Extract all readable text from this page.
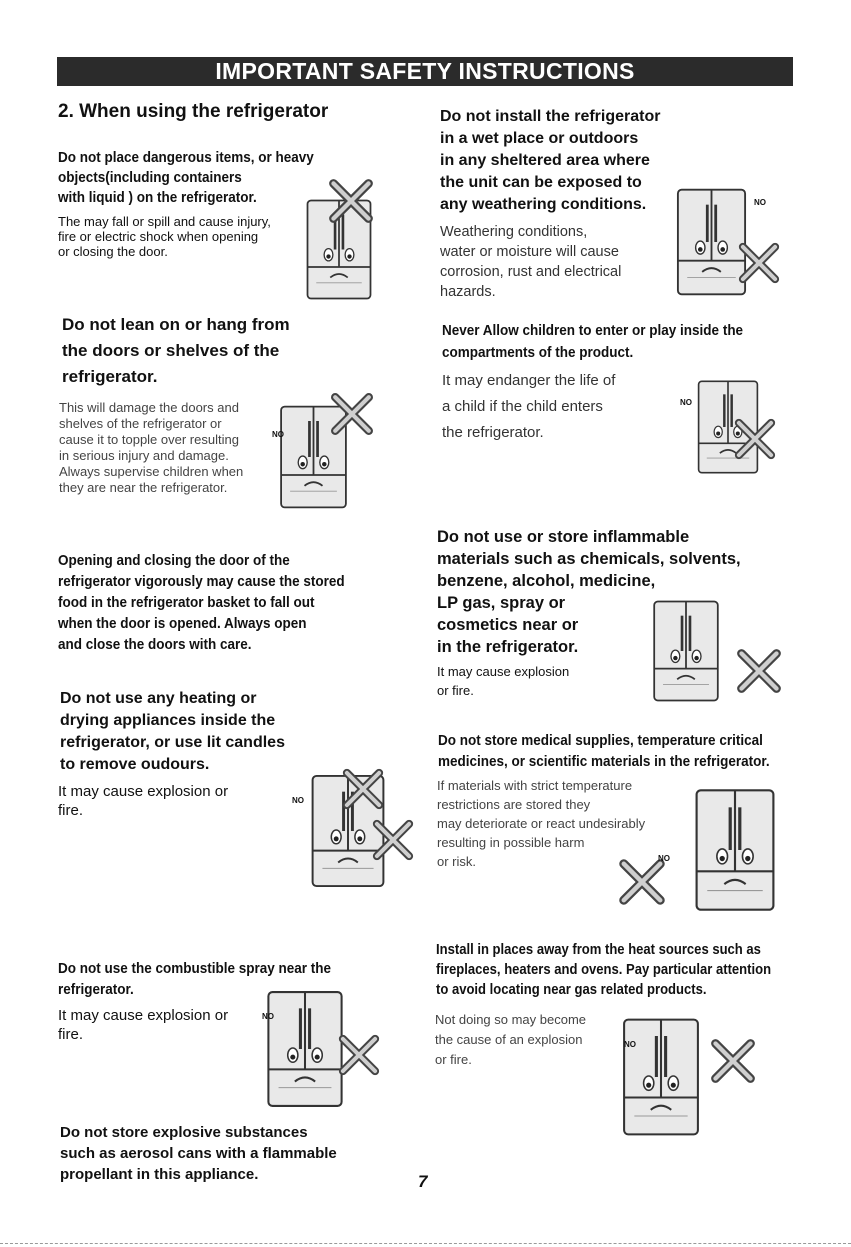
IMPORTANT SAFETY INSTRUCTIONS
2. When using the refrigerator
Do not place dangerous items, or heavy
objects(including containers
with liquid ) on the refrigerator.
The may fall or spill and cause injury,
fire or electric shock when opening
or closing the door.
Do not lean on or hang from
the doors or shelves of the
refrigerator.
This will damage the doors and
shelves of the refrigerator or
cause it to topple over resulting
in serious injury and damage.
Always supervise children when
they are near the refrigerator.
NO
Opening and closing the door of the
refrigerator vigorously may cause the stored
food in the refrigerator basket to fall out
when the door is opened. Always open
and close the doors with care.
Do not use any heating or
drying appliances inside the
refrigerator, or use lit candles
to remove oudours.
It may cause explosion or
fire.
NO
Do not use the combustible spray near the
refrigerator.
It may cause explosion or
fire.
NO
Do not store explosive substances
such as aerosol cans with a flammable
propellant in this appliance.
Do not install the refrigerator
in a wet place or outdoors
in any sheltered area where
the unit can be exposed to
any weathering conditions.
Weathering conditions,
water or moisture will cause
corrosion, rust and electrical
hazards.
NO
Never Allow children to enter or play inside the
compartments of the product.
It may endanger the life of
a child if the child enters
the refrigerator.
NO
Do not use or store inflammable
materials such as chemicals, solvents,
benzene, alcohol, medicine,
LP gas, spray or
cosmetics near or
in the refrigerator.
It may cause explosion
or fire.
Do not store medical supplies, temperature critical
medicines, or scientific materials in the refrigerator.
If materials with strict temperature
restrictions are stored they
may deteriorate or react undesirably
resulting in possible harm
or risk.	NO
Install in places away from the heat sources such as
fireplaces, heaters and ovens. Pay particular attention
to avoid locating near gas related products.
Not doing so may become
the cause of an explosion
or fire.
NO
7
